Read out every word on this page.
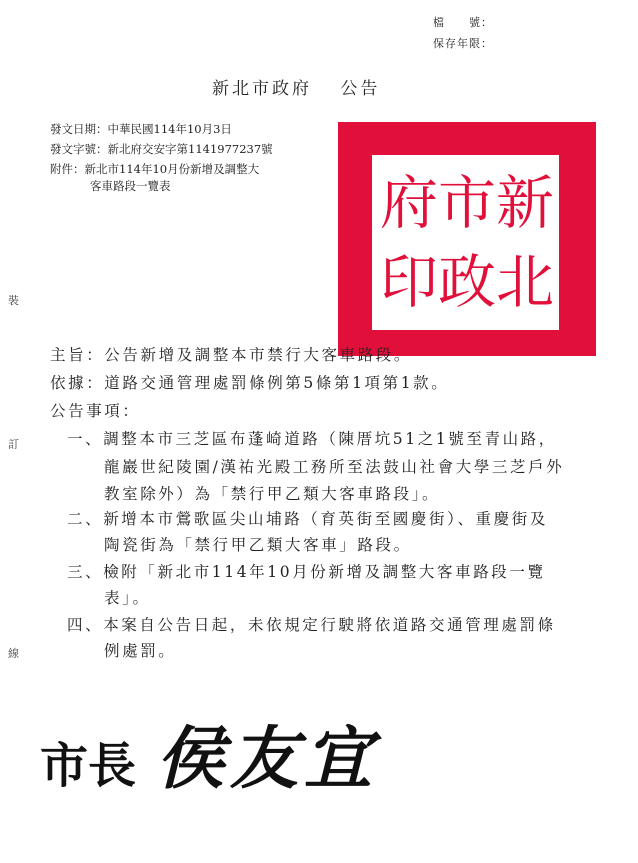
檔　　號：
保存年限：
新北市政府　 公告
發文日期：中華民國114年10月3日
發文字號：新北府交安字第1141977237號
附件：新北市114年10月份新增及調整大
客車路段一覽表	府 市 新
印 政 北
裝
訂
線
主旨：公告新增及調整本市禁行大客車路段。
依據：道路交通管理處罰條例第5條第1項第1款。
公告事項：
一、調整本市三芝區布蓬崎道路（陳厝坑51之1號至青山路，
龍巖世紀陵園/漢祐光殿工務所至法鼓山社會大學三芝戶外
教室除外）為「禁行甲乙類大客車路段」。
二、新增本市鶯歌區尖山埔路（育英街至國慶街）、重慶街及
陶瓷街為「禁行甲乙類大客車」路段。
三、檢附「新北市114年10月份新增及調整大客車路段一覽
表」。
四、本案自公告日起，未依規定行駛將依道路交通管理處罰條
例處罰。
市長 侯友宜
